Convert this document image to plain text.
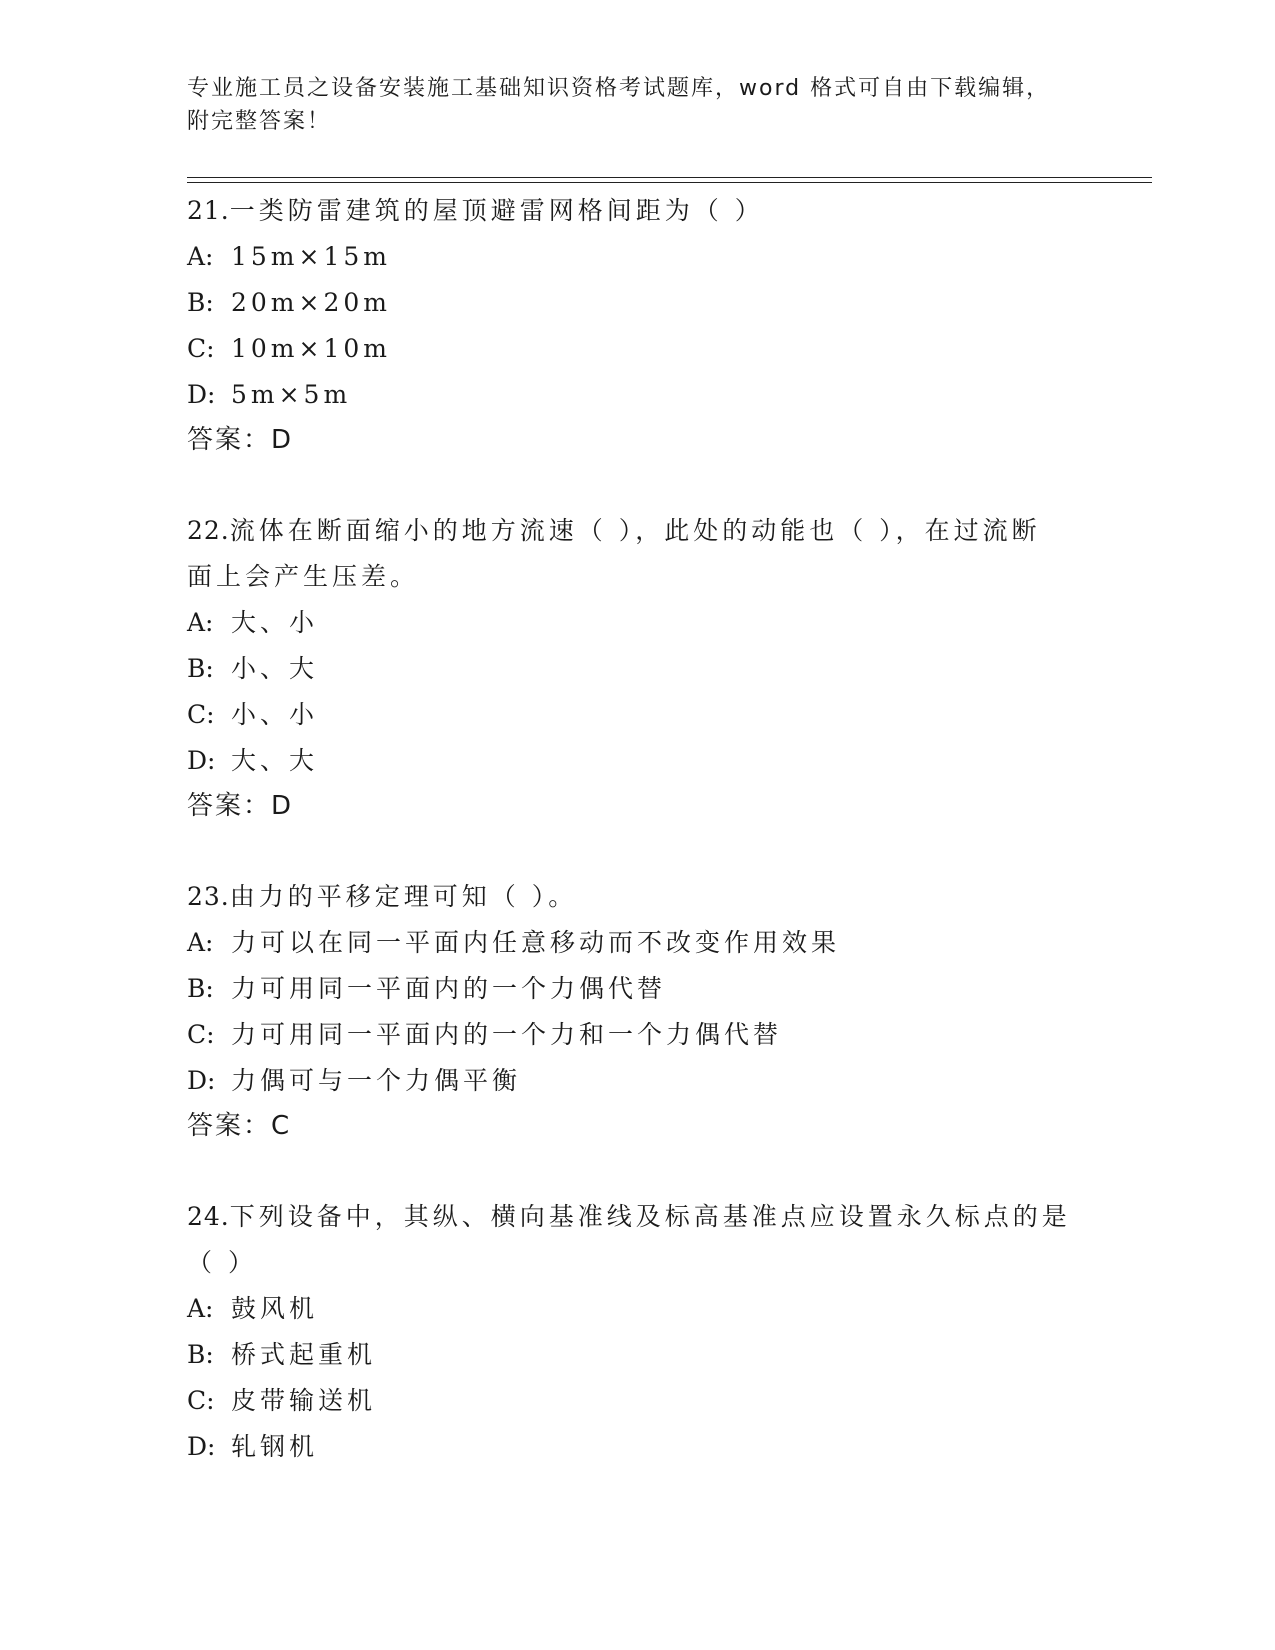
专业施工员之设备安装施工基础知识资格考试题库，word 格式可自由下载编辑，
附完整答案！
21.一类防雷建筑的屋顶避雷网格间距为（ ）
A: 15m×15m
B: 20m×20m
C: 10m×10m
D: 5m×5m
答案：D
22.流体在断面缩小的地方流速（ ），此处的动能也（ ），在过流断
面上会产生压差。
A: 大、小
B: 小、大
C: 小、小
D: 大、大
答案：D
23.由力的平移定理可知（ ）。
A: 力可以在同一平面内任意移动而不改变作用效果
B: 力可用同一平面内的一个力偶代替
C: 力可用同一平面内的一个力和一个力偶代替
D: 力偶可与一个力偶平衡
答案：C
24.下列设备中，其纵、横向基准线及标高基准点应设置永久标点的是
（ ）
A: 鼓风机
B: 桥式起重机
C: 皮带输送机
D: 轧钢机
